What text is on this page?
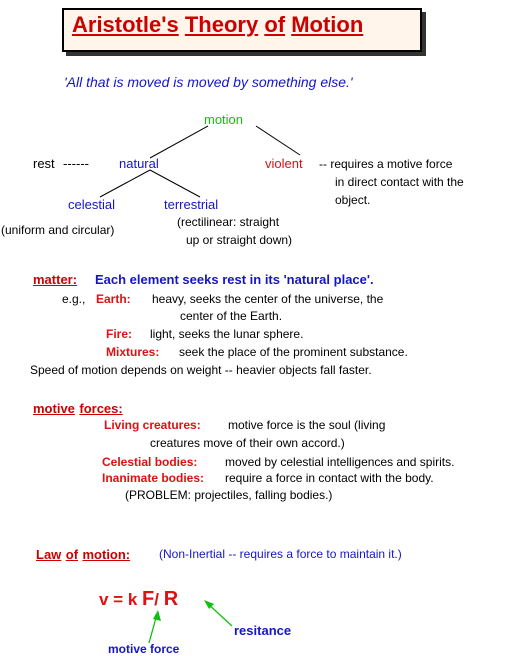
Aristotle's Theory of Motion
'All that is moved is moved by something else.'
motion
rest ------ natural	violent -- requires a motive force
in direct contact with the
object.
celestial
(uniform and circular)
terrestrial
(rectilinear: straight
up or straight down)
matter: Each element seeks rest in its 'natural place'.
e.g., Earth: heavy, seeks the center of the universe, the
center of the Earth.
Fire: light, seeks the lunar sphere.
Mixtures: seek the place of the prominent substance.
Speed of motion depends on weight -- heavier objects fall faster.
motive forces:
Living creatures: motive force is the soul (living
creatures move of their own accord.)
Celestial bodies: moved by celestial intelligences and spirits.
Inanimate bodies: require a force in contact with the body.
(PROBLEM: projectiles, falling bodies.)
Law of motion: (Non-Inertial -- requires a force to maintain it.)
v = k F/ R
resitance
motive force
